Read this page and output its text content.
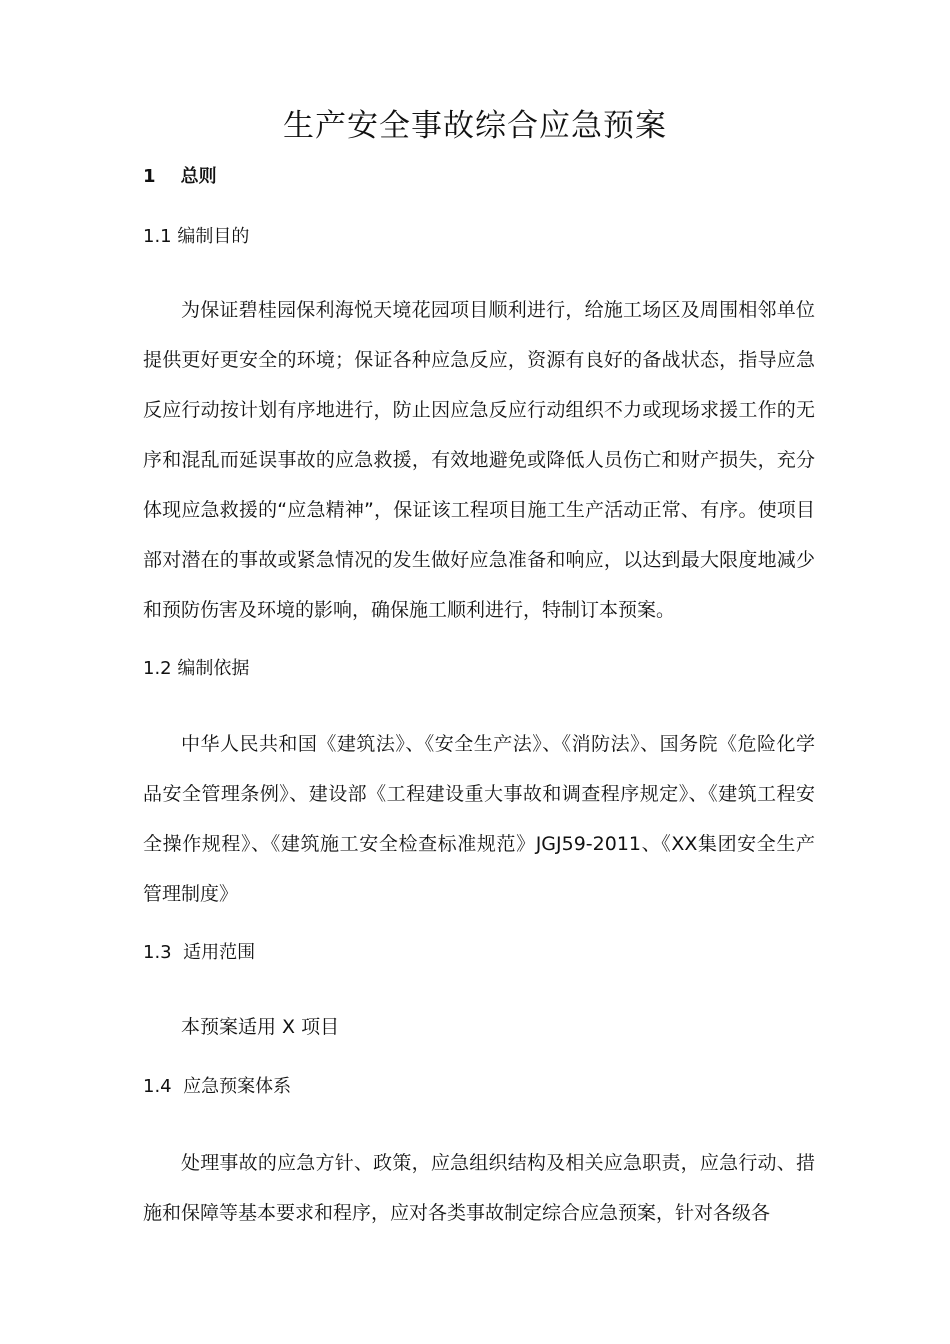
生产安全事故综合应急预案
1    总则
1.1 编制目的
为保证碧桂园保利海悦天境花园项目顺利进行，给施工场区及周围相邻单位提供更好更安全的环境；保证各种应急反应，资源有良好的备战状态，指导应急反应行动按计划有序地进行，防止因应急反应行动组织不力或现场求援工作的无序和混乱而延误事故的应急救援，有效地避免或降低人员伤亡和财产损失，充分体现应急救援的“应急精神”，保证该工程项目施工生产活动正常、有序。使项目部对潜在的事故或紧急情况的发生做好应急准备和响应，以达到最大限度地减少和预防伤害及环境的影响，确保施工顺利进行，特制订本预案。
1.2 编制依据
中华人民共和国《建筑法》、《安全生产法》、《消防法》、国务院《危险化学品安全管理条例》、建设部《工程建设重大事故和调查程序规定》、《建筑工程安全操作规程》、《建筑施工安全检查标准规范》JGJ59-2011、《XX集团安全生产管理制度》
1.3  适用范围
本预案适用 X 项目
1.4  应急预案体系
处理事故的应急方针、政策，应急组织结构及相关应急职责，应急行动、措施和保障等基本要求和程序，应对各类事故制定综合应急预案，针对各级各
